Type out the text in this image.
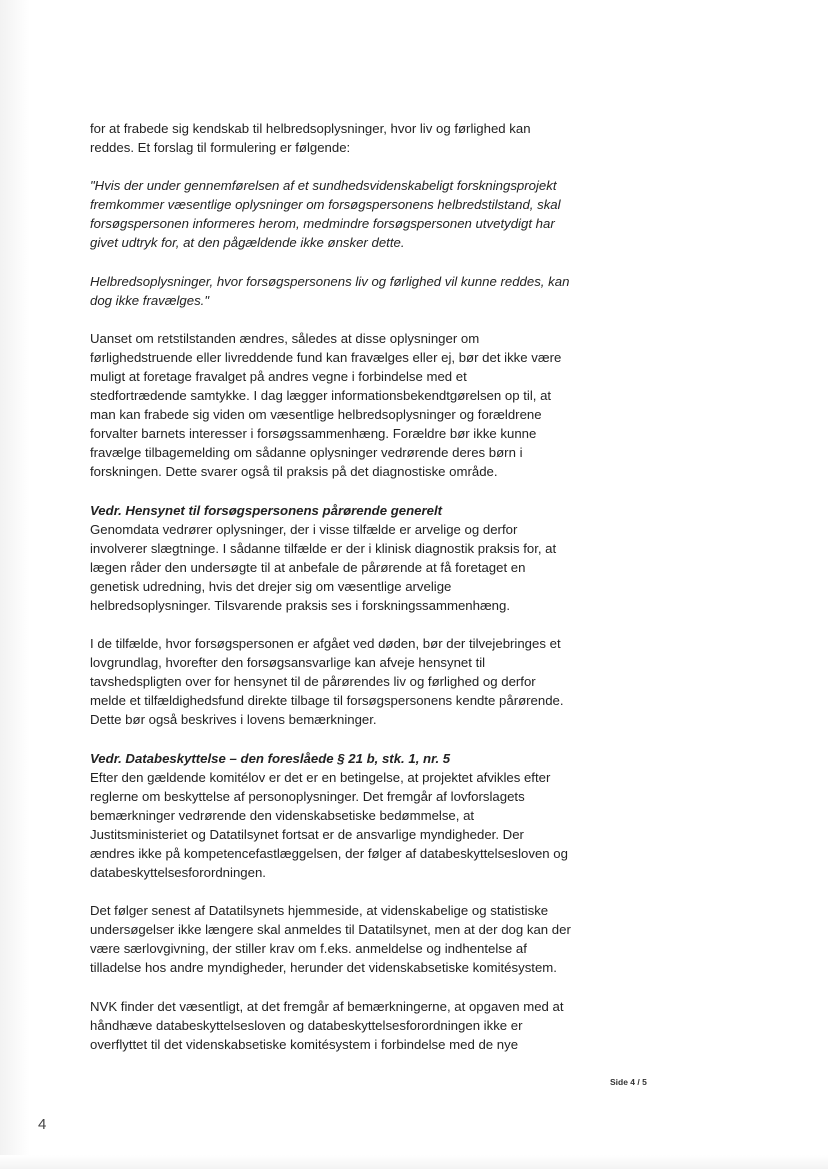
for at frabede sig kendskab til helbredsoplysninger, hvor liv og førlighed kan
reddes. Et forslag til formulering er følgende:
"Hvis der under gennemførelsen af et sundhedsvidenskabeligt forskningsprojekt
fremkommer væsentlige oplysninger om forsøgspersonens helbredstilstand, skal
forsøgspersonen informeres herom, medmindre forsøgspersonen utvetydigt har
givet udtryk for, at den pågældende ikke ønsker dette.
Helbredsoplysninger, hvor forsøgspersonens liv og førlighed vil kunne reddes, kan
dog ikke fravælges."
Uanset om retstilstanden ændres, således at disse oplysninger om
førlighedstruende eller livreddende fund kan fravælges eller ej, bør det ikke være
muligt at foretage fravalget på andres vegne i forbindelse med et
stedfortrædende samtykke. I dag lægger informationsbekendtgørelsen op til, at
man kan frabede sig viden om væsentlige helbredsoplysninger og forældrene
forvalter barnets interesser i forsøgssammenhæng. Forældre bør ikke kunne
fravælge tilbagemelding om sådanne oplysninger vedrørende deres børn i
forskningen. Dette svarer også til praksis på det diagnostiske område.
Vedr. Hensynet til forsøgspersonens pårørende generelt
Genomdata vedrører oplysninger, der i visse tilfælde er arvelige og derfor
involverer slægtninge. I sådanne tilfælde er der i klinisk diagnostik praksis for, at
lægen råder den undersøgte til at anbefale de pårørende at få foretaget en
genetisk udredning, hvis det drejer sig om væsentlige arvelige
helbredsoplysninger. Tilsvarende praksis ses i forskningssammenhæng.
I de tilfælde, hvor forsøgspersonen er afgået ved døden, bør der tilvejebringes et
lovgrundlag, hvorefter den forsøgsansvarlige kan afveje hensynet til
tavshedspligten over for hensynet til de pårørendes liv og førlighed og derfor
melde et tilfældighedsfund direkte tilbage til forsøgspersonens kendte pårørende.
Dette bør også beskrives i lovens bemærkninger.
Vedr. Databeskyttelse – den foreslåede § 21 b, stk. 1, nr. 5
Efter den gældende komitélov er det er en betingelse, at projektet afvikles efter
reglerne om beskyttelse af personoplysninger. Det fremgår af lovforslagets
bemærkninger vedrørende den videnskabsetiske bedømmelse, at
Justitsministeriet og Datatilsynet fortsat er de ansvarlige myndigheder. Der
ændres ikke på kompetencefastlæggelsen, der følger af databeskyttelsesloven og
databeskyttelsesforordningen.
Det følger senest af Datatilsynets hjemmeside, at videnskabelige og statistiske
undersøgelser ikke længere skal anmeldes til Datatilsynet, men at der dog kan der
være særlovgivning, der stiller krav om f.eks. anmeldelse og indhentelse af
tilladelse hos andre myndigheder, herunder det videnskabsetiske komitésystem.
NVK finder det væsentligt, at det fremgår af bemærkningerne, at opgaven med at
håndhæve databeskyttelsesloven og databeskyttelsesforordningen ikke er
overflyttet til det videnskabsetiske komitésystem i forbindelse med de nye
Side 4 / 5
4
